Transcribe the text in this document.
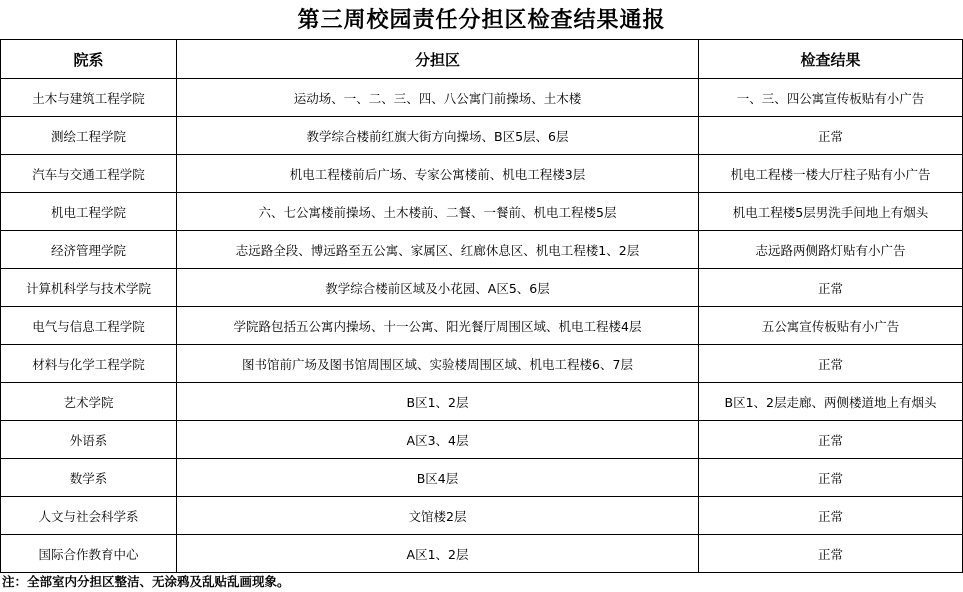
第三周校园责任分担区检查结果通报
院系	分担区	检查结果
土木与建筑工程学院	运动场、一、二、三、四、八公寓门前操场、土木楼	一、三、四公寓宣传板贴有小广告
测绘工程学院	教学综合楼前红旗大街方向操场、B区5层、6层	正常
汽车与交通工程学院	机电工程楼前后广场、专家公寓楼前、机电工程楼3层	机电工程楼一楼大厅柱子贴有小广告
机电工程学院	六、七公寓楼前操场、土木楼前、二餐、一餐前、机电工程楼5层	机电工程楼5层男洗手间地上有烟头
经济管理学院	志远路全段、博远路至五公寓、家属区、红廊休息区、机电工程楼1、2层	志远路两侧路灯贴有小广告
计算机科学与技术学院	教学综合楼前区域及小花园、A区5、6层	正常
电气与信息工程学院	学院路包括五公寓内操场、十一公寓、阳光餐厅周围区域、机电工程楼4层	五公寓宣传板贴有小广告
材料与化学工程学院	图书馆前广场及图书馆周围区域、实验楼周围区域、机电工程楼6、7层	正常
艺术学院	B区1、2层	B区1、2层走廊、两侧楼道地上有烟头
外语系	A区3、4层	正常
数学系	B区4层	正常
人文与社会科学系	文馆楼2层	正常
国际合作教育中心	A区1、2层	正常
注：全部室内分担区整洁、无涂鸦及乱贴乱画现象。
